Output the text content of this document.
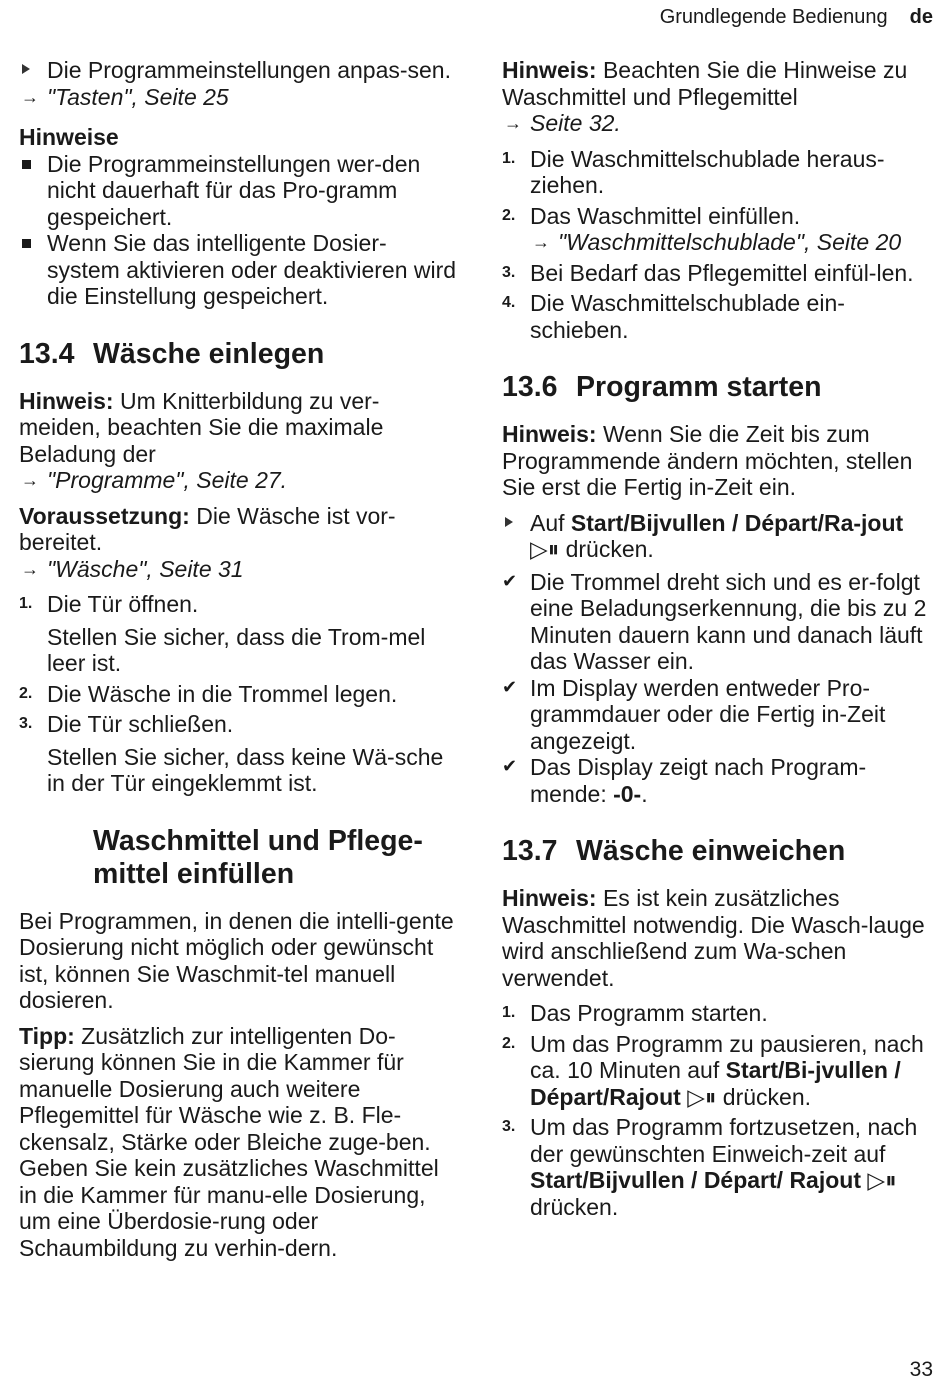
Grundlegende Bedienung de
Die Programmeinstellungen anpas-sen.

→ "Tasten", Seite 25

Hinweise

Die Programmeinstellungen wer-den nicht dauerhaft für das Pro-gramm gespeichert.
Wenn Sie das intelligente Dosier-system aktivieren oder deaktivieren wird die Einstellung gespeichert.
13.4 Wäsche einlegen

Hinweis: Um Knitterbildung zu ver-meiden, beachten Sie die maximale Beladung der

→ "Programme", Seite 27.

Voraussetzung: Die Wäsche ist vor-bereitet.

→ "Wäsche", Seite 31

1. Die Tür öffnen.

Stellen Sie sicher, dass die Trom-mel leer ist.

2. Die Wäsche in die Trommel legen.
3. Die Tür schließen.

Stellen Sie sicher, dass keine Wä-sche in der Tür eingeklemmt ist.

Waschmittel und Pflege-mittel einfüllen

Bei Programmen, in denen die intelli-gente Dosierung nicht möglich oder gewünscht ist, können Sie Waschmit-tel manuell dosieren.

Tipp: Zusätzlich zur intelligenten Do-sierung können Sie in die Kammer für manuelle Dosierung auch weitere Pflegemittel für Wäsche wie z. B. Fle-ckensalz, Stärke oder Bleiche zuge-ben. Geben Sie kein zusätzliches Waschmittel in die Kammer für manu-elle Dosierung, um eine Überdosie-rung oder Schaumbildung zu verhin-dern.

Hinweis: Beachten Sie die Hinweise zu Waschmittel und Pflegemittel

→ Seite 32.

1. Die Waschmittelschublade heraus-ziehen.
2. Das Waschmittel einfüllen.

→ "Waschmittelschublade", Seite 20

3. Bei Bedarf das Pflegemittel einfül-len.
4. Die Waschmittelschublade ein-schieben.
13.6 Programm starten

Hinweis: Wenn Sie die Zeit bis zum Programmende ändern möchten, stellen Sie erst die Fertig in-Zeit ein.

Auf Start/Bijvullen / Départ/Ra-jout ▷⏸ drücken.
✔ Die Trommel dreht sich und es er-folgt eine Beladungserkennung, die bis zu 2 Minuten dauern kann und danach läuft das Wasser ein.
✔ Im Display werden entweder Pro-grammdauer oder die Fertig in-Zeit angezeigt.
✔ Das Display zeigt nach Program-mende: -0-.
13.7 Wäsche einweichen

Hinweis: Es ist kein zusätzliches Waschmittel notwendig. Die Wasch-lauge wird anschließend zum Wa-schen verwendet.

1. Das Programm starten.
2. Um das Programm zu pausieren, nach ca. 10 Minuten auf Start/Bi-jvullen / Départ/Rajout ▷⏸ drücken.
3. Um das Programm fortzusetzen, nach der gewünschten Einweich-zeit auf Start/Bijvullen / Départ/ Rajout ▷⏸ drücken.
33
